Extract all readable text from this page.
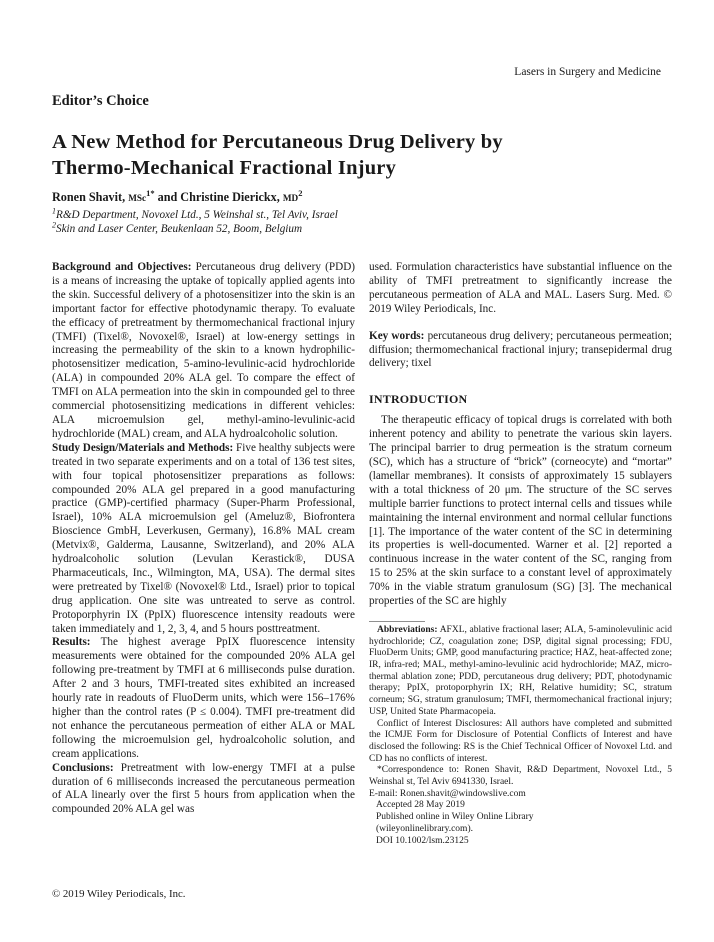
Lasers in Surgery and Medicine
Editor’s Choice
A New Method for Percutaneous Drug Delivery by
Thermo-Mechanical Fractional Injury
Ronen Shavit, MSc$^{1*}$ and Christine Dierickx, $MD^2$
$^1$R&D Department, Novoxel Ltd., 5 Weinshal st., Tel Aviv, Israel
$^2$Skin and Laser Center, Beukenlaan 52, Boom, Belgium

Background and Objectives: Percutaneous drug delivery (PDD) is a means of increasing the uptake of topically applied agents into the skin. Successful delivery of a photosensitizer into the skin is an important factor for effective photodynamic therapy. To evaluate the efficacy of pretreatment by thermomechanical fractional injury (TMFI) (Tixel®, Novoxel®, Israel) at low-energy settings in increasing the permeability of the skin to a known hydrophilic-photosensitizer medication, 5-amino-levulinic-acid hydrochloride (ALA) in compounded 20% ALA gel. To compare the effect of TMFI on ALA permeation into the skin in compounded gel to three commercial photosensitizing medications in different vehicles: ALA microemulsion gel, methyl-amino-levulinic-acid hydrochloride (MAL) cream, and ALA hydroalcoholic solution.

Study Design/Materials and Methods: Five healthy subjects were treated in two separate experiments and on a total of 136 test sites, with four topical photosensitizer preparations as follows: compounded 20% ALA gel prepared in a good manufacturing practice (GMP)-certified pharmacy (Super-Pharm Professional, Israel), 10% ALA microemulsion gel (Ameluz®, Biofrontera Bioscience GmbH, Leverkusen, Germany), 16.8% MAL cream (Metvix®, Galderma, Lausanne, Switzerland), and 20% ALA hydroalcoholic solution (Levulan Kerastick®, DUSA Pharmaceuticals, Inc., Wilmington, MA, USA). The dermal sites were pretreated by Tixel® (Novoxel® Ltd., Israel) prior to topical drug application. One site was untreated to serve as control. Protoporphyrin IX (PpIX) fluorescence intensity readouts were taken immediately and 1, 2, 3, 4, and 5 hours posttreatment.

Results: The highest average PpIX fluorescence intensity measurements were obtained for the compounded 20% ALA gel following pre-treatment by TMFI at 6 milliseconds pulse duration. After 2 and 3 hours, TMFI-treated sites exhibited an increased hourly rate in readouts of FluoDerm units, which were 156–176% higher than the control rates (P ≤ 0.004). TMFI pre-treatment did not enhance the percutaneous permeation of either ALA or MAL following the microemulsion gel, hydroalcoholic solution, and cream applications.

Conclusions: Pretreatment with low-energy TMFI at a pulse duration of 6 milliseconds increased the percutaneous permeation of ALA linearly over the first 5 hours from application when the compounded 20% ALA gel was

used. Formulation characteristics have substantial influence on the ability of TMFI pretreatment to significantly increase the percutaneous permeation of ALA and MAL. Lasers Surg. Med. © 2019 Wiley Periodicals, Inc.

Key words: percutaneous drug delivery; percutaneous permeation; diffusion; thermomechanical fractional injury; transepidermal drug delivery; tixel

INTRODUCTION

The therapeutic efficacy of topical drugs is correlated with both inherent potency and ability to penetrate the various skin layers. The principal barrier to drug permeation is the stratum corneum (SC), which has a structure of “brick” (corneocyte) and “mortar” (lamellar membranes). It consists of approximately 15 sublayers with a total thickness of 20 μm. The structure of the SC serves multiple barrier functions to protect internal cells and tissues while maintaining the internal environment and normal cellular functions [1]. The importance of the water content of the SC in determining its properties is well-documented. Warner et al. [2] reported a continuous increase in the water content of the SC, ranging from 15 to 25% at the skin surface to a constant level of approximately 70% in the viable stratum granulosum (SG) [3]. The mechanical properties of the SC are highly

Abbreviations: AFXL, ablative fractional laser; ALA, 5-aminolevulinic acid hydrochloride; CZ, coagulation zone; DSP, digital signal processing; FDU, FluoDerm Units; GMP, good manufacturing practice; HAZ, heat-affected zone; IR, infra-red; MAL, methyl-amino-levulinic acid hydrochloride; MAZ, micro-thermal ablation zone; PDD, percutaneous drug delivery; PDT, photodynamic therapy; PpIX, protoporphyrin IX; RH, Relative humidity; SC, stratum corneum; SG, stratum granulosum; TMFI, thermomechanical fractional injury; USP, United State Pharmacopeia.

Conflict of Interest Disclosures: All authors have completed and submitted the ICMJE Form for Disclosure of Potential Conflicts of Interest and have disclosed the following: RS is the Chief Technical Officer of Novoxel Ltd. and CD has no conflicts of interest.

*Correspondence to: Ronen Shavit, R&D Department, Novoxel Ltd., 5 Weinshal st, Tel Aviv 6941330, Israel.

E-mail: Ronen.shavit@windowslive.com

Accepted 28 May 2019

Published online in Wiley Online Library

(wileyonlinelibrary.com).

DOI 10.1002/lsm.23125

© 2019 Wiley Periodicals, Inc.
